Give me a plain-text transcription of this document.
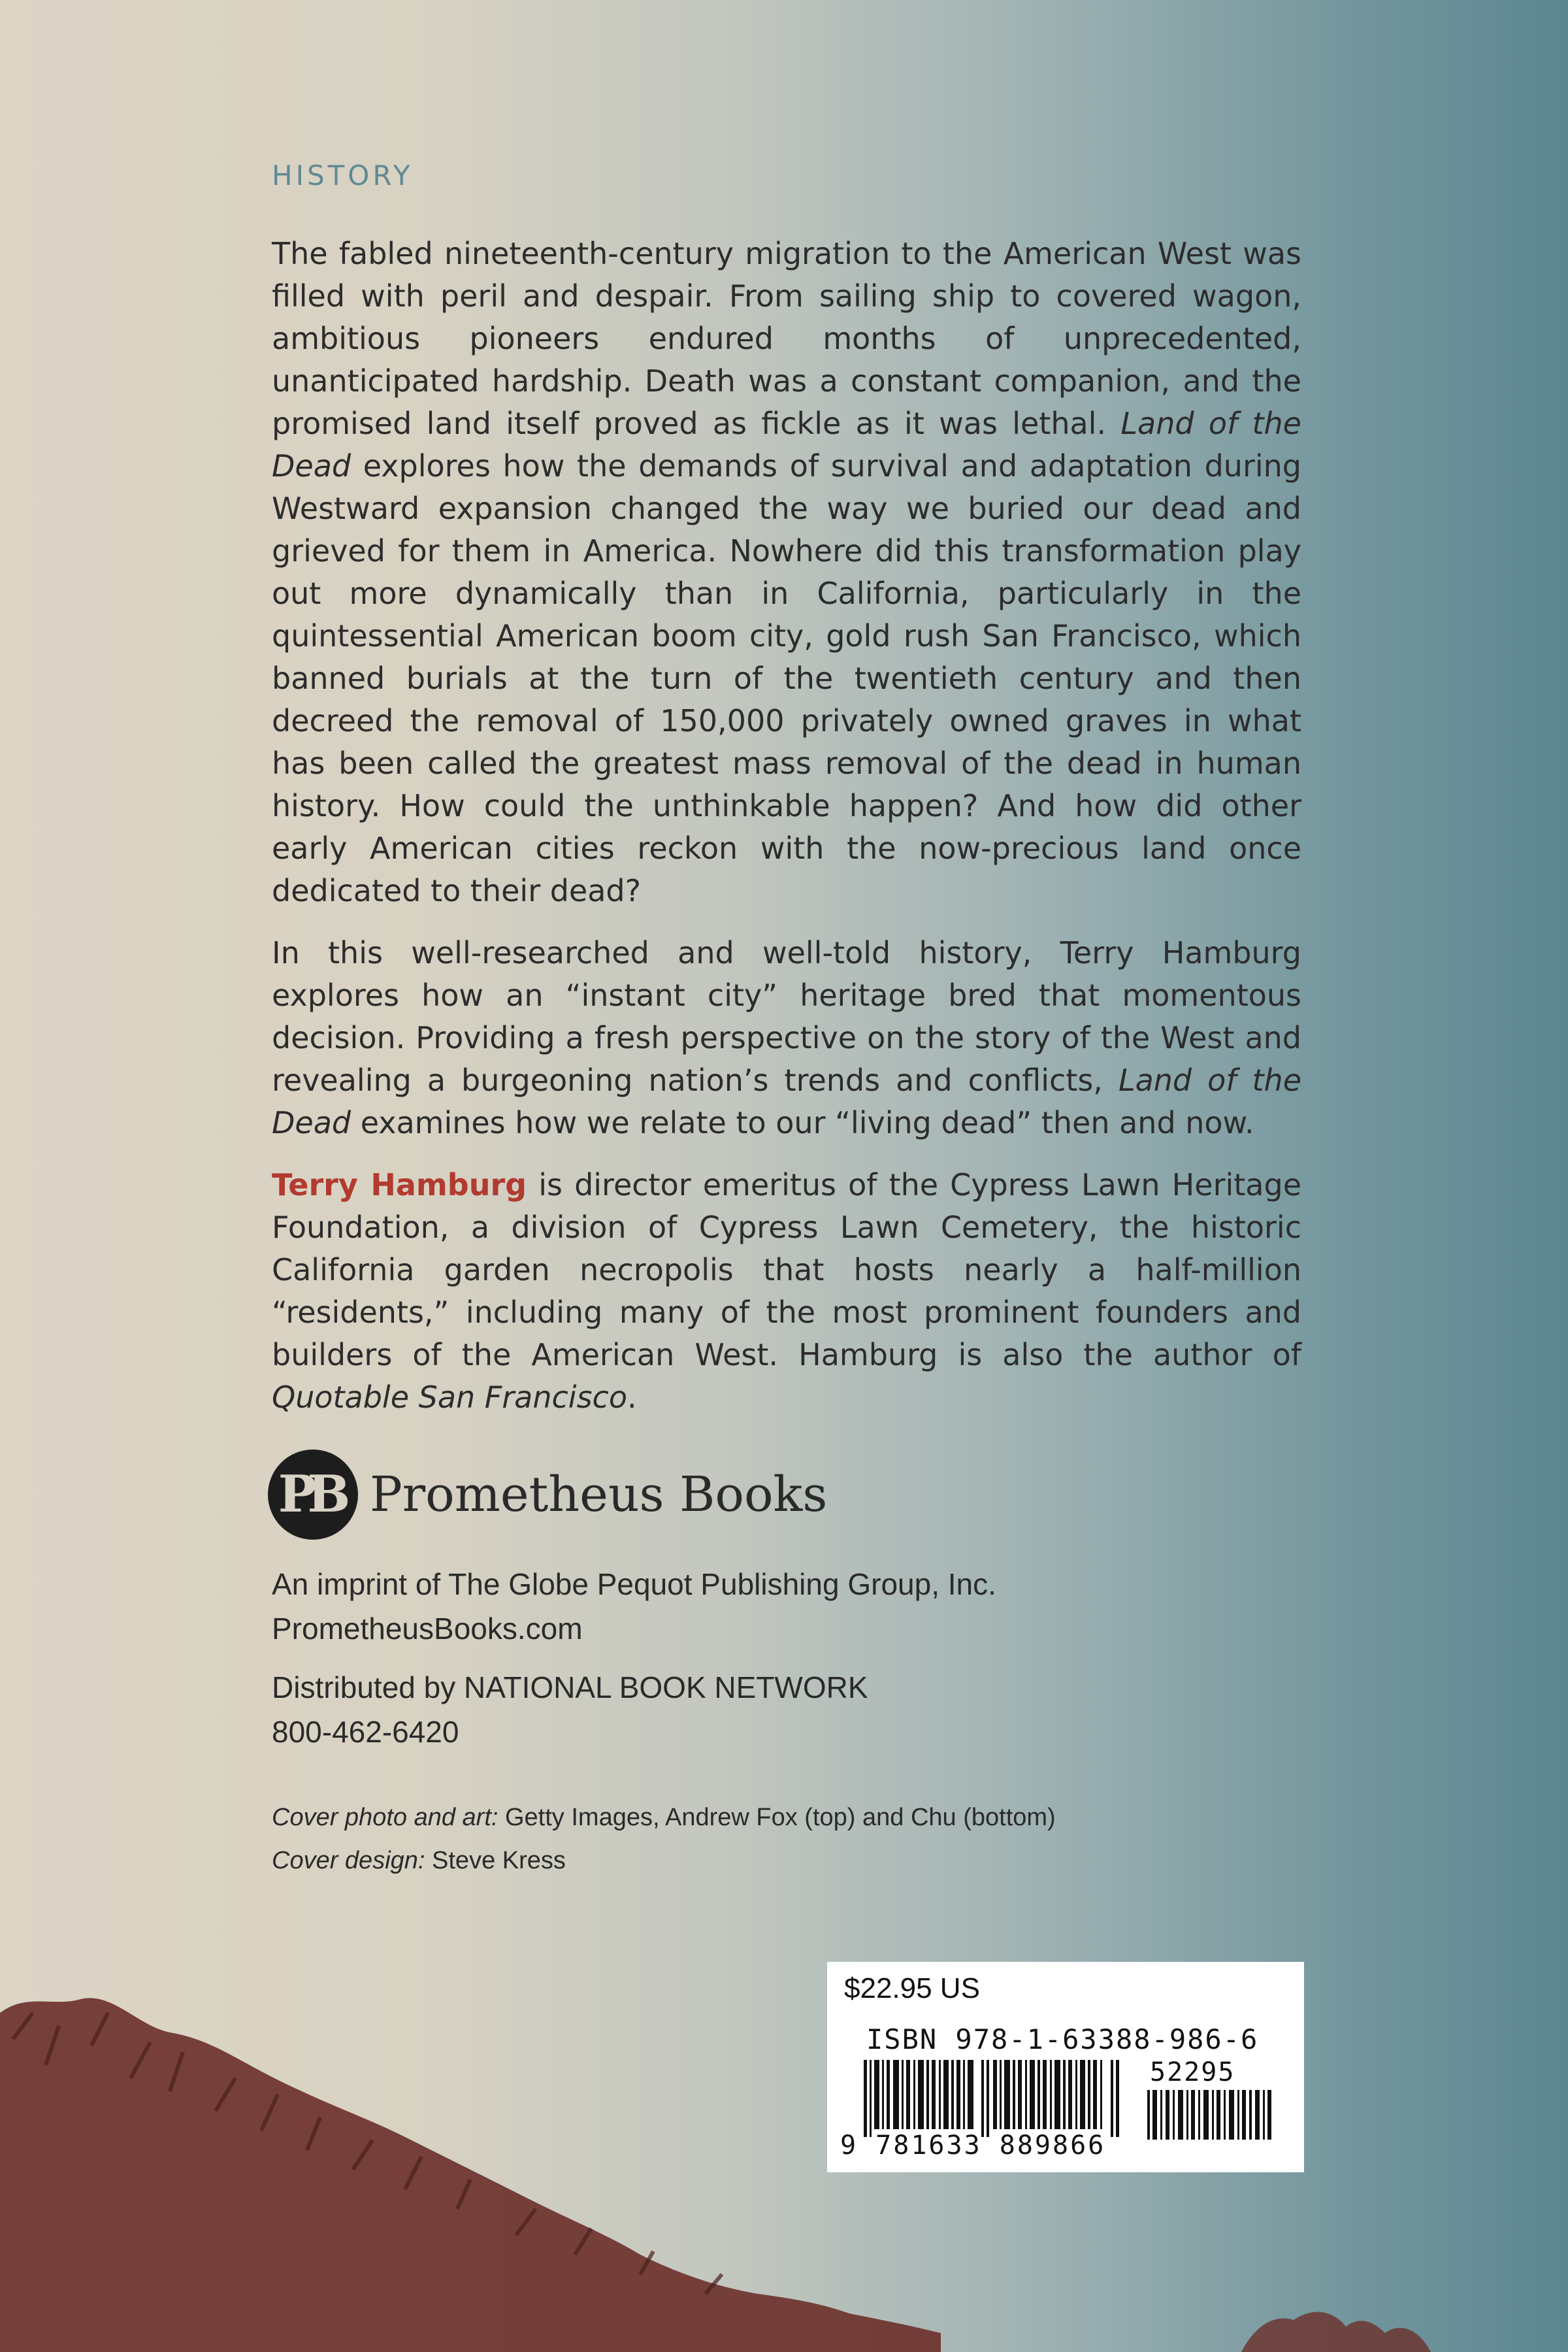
HISTORY

The fabled nineteenth-century migration to the American West was filled with peril and despair. From sailing ship to covered wagon, ambitious pioneers endured months of unprecedented, unanticipated hardship. Death was a constant companion, and the promised land itself proved as fickle as it was lethal. Land of the Dead explores how the demands of survival and adaptation during Westward expansion changed the way we buried our dead and grieved for them in America. Nowhere did this transformation play out more dynamically than in California, particularly in the quintessential American boom city, gold rush San Francisco, which banned burials at the turn of the twentieth century and then decreed the removal of 150,000 privately owned graves in what has been called the greatest mass removal of the dead in human history. How could the unthinkable happen? And how did other early American cities reckon with the now-precious land once dedicated to their dead?

In this well-researched and well-told history, Terry Hamburg explores how an “instant city” heritage bred that momentous decision. Providing a fresh perspective on the story of the West and revealing a burgeoning nation’s trends and conflicts, Land of the Dead examines how we relate to our “living dead” then and now.

Terry Hamburg is director emeritus of the Cypress Lawn Heritage Foundation, a division of Cypress Lawn Cemetery, the historic California garden necropolis that hosts nearly a half-million “residents,” including many of the most prominent founders and builders of the American West. Hamburg is also the author of Quotable San Francisco.

PB Prometheus Books
An imprint of The Globe Pequot Publishing Group, Inc.
PrometheusBooks.com
Distributed by NATIONAL BOOK NETWORK
800-462-6420
Cover photo and art: Getty Images, Andrew Fox (top) and Chu (bottom)
Cover design: Steve Kress
$22.95 US
ISBN 978-1-63388-986-6
52295
9 781633 889866
